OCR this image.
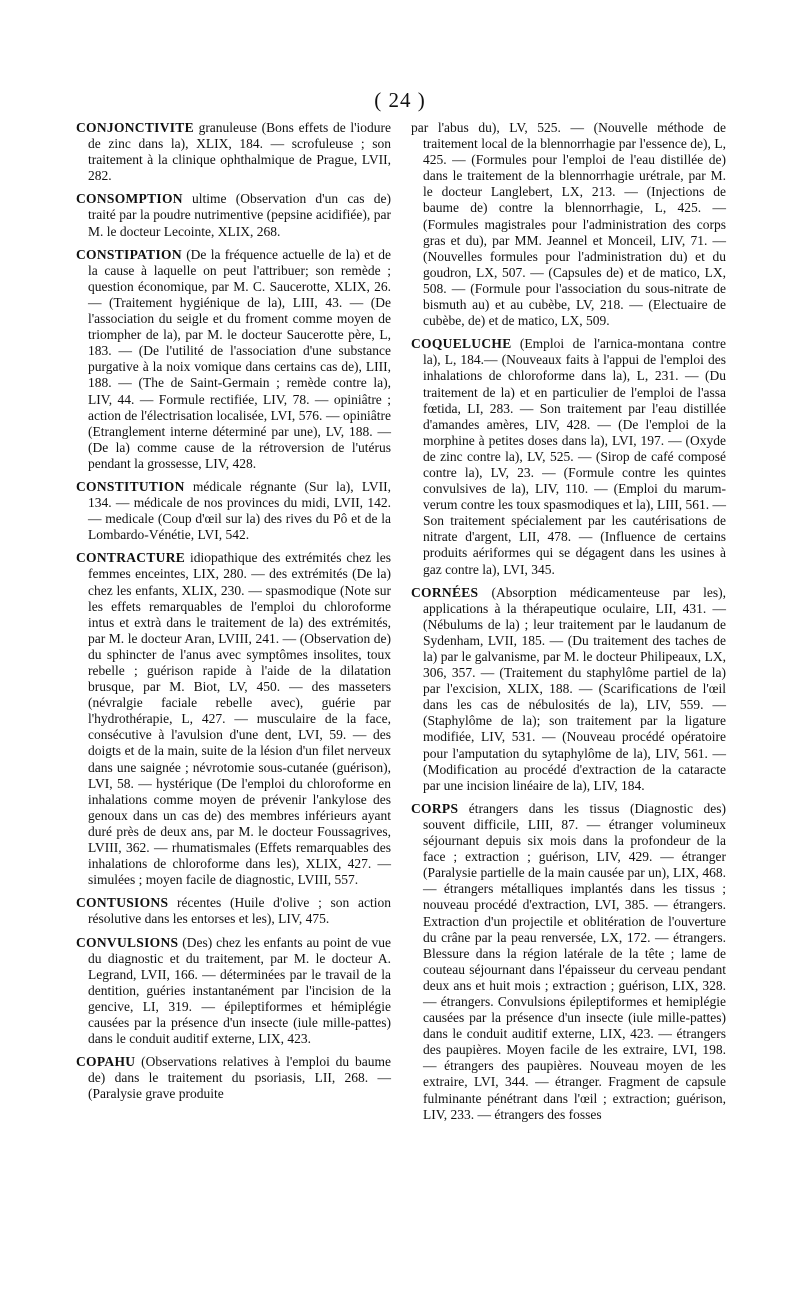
( 24 )

CONJONCTIVITE granuleuse (Bons effets de l'iodure de zinc dans la), XLIX, 184. — scrofuleuse ; son traitement à la clinique ophthalmique de Prague, LVII, 282.

CONSOMPTION ultime (Observation d'un cas de) traité par la poudre nutrimentive (pepsine acidifiée), par M. le docteur Lecointe, XLIX, 268.

CONSTIPATION (De la fréquence actuelle de la) et de la cause à laquelle on peut l'attribuer; son remède ; question économique, par M. C. Saucerotte, XLIX, 26. — (Traitement hygiénique de la), LIII, 43. — (De l'association du seigle et du froment comme moyen de triompher de la), par M. le docteur Saucerotte père, L, 183. — (De l'utilité de l'association d'une substance purgative à la noix vomique dans certains cas de), LIII, 188. — (The de Saint-Germain ; remède contre la), LIV, 44. — Formule rectifiée, LIV, 78. — opiniâtre ; action de l'électrisation localisée, LVI, 576. — opiniâtre (Etranglement interne déterminé par une), LV, 188. — (De la) comme cause de la rétroversion de l'utérus pendant la grossesse, LIV, 428.

CONSTITUTION médicale régnante (Sur la), LVII, 134. — médicale de nos provinces du midi, LVII, 142. — medicale (Coup d'œil sur la) des rives du Pô et de la Lombardo-Vénétie, LVI, 542.

CONTRACTURE idiopathique des extrémités chez les femmes enceintes, LIX, 280. — des extrémités (De la) chez les enfants, XLIX, 230. — spasmodique (Note sur les effets remarquables de l'emploi du chloroforme intus et extrà dans le traitement de la) des extrémités, par M. le docteur Aran, LVIII, 241. — (Observation de) du sphincter de l'anus avec symptômes insolites, toux rebelle ; guérison rapide à l'aide de la dilatation brusque, par M. Biot, LV, 450. — des masseters (névralgie faciale rebelle avec), guérie par l'hydrothérapie, L, 427. — musculaire de la face, consécutive à l'avulsion d'une dent, LVI, 59. — des doigts et de la main, suite de la lésion d'un filet nerveux dans une saignée ; névrotomie sous-cutanée (guérison), LVI, 58. — hystérique (De l'emploi du chloroforme en inhalations comme moyen de prévenir l'ankylose des genoux dans un cas de) des membres inférieurs ayant duré près de deux ans, par M. le docteur Foussagrives, LVIII, 362. — rhumatismales (Effets remarquables des inhalations de chloroforme dans les), XLIX, 427. — simulées ; moyen facile de diagnostic, LVIII, 557.

CONTUSIONS récentes (Huile d'olive ; son action résolutive dans les entorses et les), LIV, 475.

CONVULSIONS (Des) chez les enfants au point de vue du diagnostic et du traitement, par M. le docteur A. Legrand, LVII, 166. — déterminées par le travail de la dentition, guéries instantanément par l'incision de la gencive, LI, 319. — épileptiformes et hémiplégie causées par la présence d'un insecte (iule mille-pattes) dans le conduit auditif externe, LIX, 423.

COPAHU (Observations relatives à l'emploi du baume de) dans le traitement du psoriasis, LII, 268. — (Paralysie grave produite

par l'abus du), LV, 525. — (Nouvelle méthode de traitement local de la blennorrhagie par l'essence de), L, 425. — (Formules pour l'emploi de l'eau distillée de) dans le traitement de la blennorrhagie urétrale, par M. le docteur Langlebert, LX, 213. — (Injections de baume de) contre la blennorrhagie, L, 425. — (Formules magistrales pour l'administration des corps gras et du), par MM. Jeannel et Monceil, LIV, 71. — (Nouvelles formules pour l'administration du) et du goudron, LX, 507. — (Capsules de) et de matico, LX, 508. — (Formule pour l'association du sous-nitrate de bismuth au) et au cubèbe, LV, 218. — (Electuaire de cubèbe, de) et de matico, LX, 509.

COQUELUCHE (Emploi de l'arnica-montana contre la), L, 184.— (Nouveaux faits à l'appui de l'emploi des inhalations de chloroforme dans la), L, 231. — (Du traitement de la) et en particulier de l'emploi de l'assa fœtida, LI, 283. — Son traitement par l'eau distillée d'amandes amères, LIV, 428. — (De l'emploi de la morphine à petites doses dans la), LVI, 197. — (Oxyde de zinc contre la), LV, 525. — (Sirop de café composé contre la), LV, 23. — (Formule contre les quintes convulsives de la), LIV, 110. — (Emploi du marum-verum contre les toux spasmodiques et la), LIII, 561. — Son traitement spécialement par les cautérisations de nitrate d'argent, LII, 478. — (Influence de certains produits aériformes qui se dégagent dans les usines à gaz contre la), LVI, 345.

CORNÉES (Absorption médicamenteuse par les), applications à la thérapeutique oculaire, LII, 431. — (Nébulums de la) ; leur traitement par le laudanum de Sydenham, LVII, 185. — (Du traitement des taches de la) par le galvanisme, par M. le docteur Philipeaux, LX, 306, 357. — (Traitement du staphylôme partiel de la) par l'excision, XLIX, 188. — (Scarifications de l'œil dans les cas de nébulosités de la), LIV, 559. — (Staphylôme de la); son traitement par la ligature modifiée, LIV, 531. — (Nouveau procédé opératoire pour l'amputation du sytaphylôme de la), LIV, 561. — (Modification au procédé d'extraction de la cataracte par une incision linéaire de la), LIV, 184.

CORPS étrangers dans les tissus (Diagnostic des) souvent difficile, LIII, 87. — étranger volumineux séjournant depuis six mois dans la profondeur de la face ; extraction ; guérison, LIV, 429. — étranger (Paralysie partielle de la main causée par un), LIX, 468. — étrangers métalliques implantés dans les tissus ; nouveau procédé d'extraction, LVI, 385. — étrangers. Extraction d'un projectile et oblitération de l'ouverture du crâne par la peau renversée, LX, 172. — étrangers. Blessure dans la région latérale de la tête ; lame de couteau séjournant dans l'épaisseur du cerveau pendant deux ans et huit mois ; extraction ; guérison, LIX, 328. — étrangers. Convulsions épileptiformes et hemiplégie causées par la présence d'un insecte (iule mille-pattes) dans le conduit auditif externe, LIX, 423. — étrangers des paupières. Moyen facile de les extraire, LVI, 198. — étrangers des paupières. Nouveau moyen de les extraire, LVI, 344. — étranger. Fragment de capsule fulminante pénétrant dans l'œil ; extraction; guérison, LIV, 233. — étrangers des fosses
